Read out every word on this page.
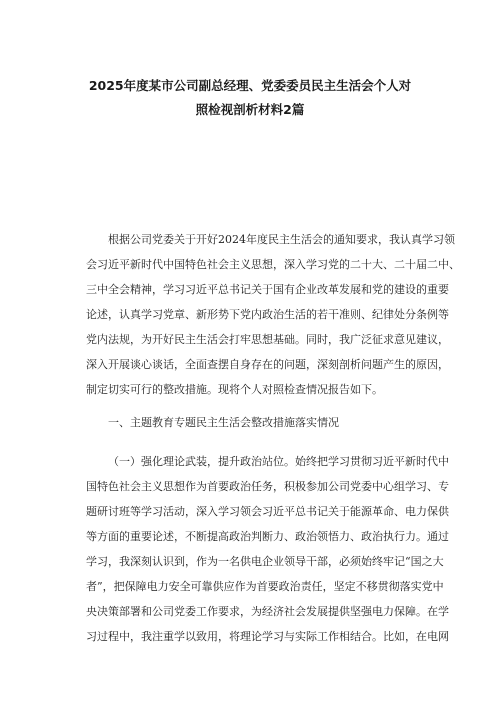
2025年度某市公司副总经理、党委委员民主生活会个人对
照检视剖析材料2篇
根据公司党委关于开好2024年度民主生活会的通知要求，我认真学习领
会习近平新时代中国特色社会主义思想，深入学习党的二十大、二十届二中、
三中全会精神，学习习近平总书记关于国有企业改革发展和党的建设的重要
论述，认真学习党章、新形势下党内政治生活的若干准则、纪律处分条例等
党内法规，为开好民主生活会打牢思想基础。同时，我广泛征求意见建议，
深入开展谈心谈话，全面查摆自身存在的问题，深刻剖析问题产生的原因，
制定切实可行的整改措施。现将个人对照检查情况报告如下。
一、主题教育专题民主生活会整改措施落实情况
（一）强化理论武装，提升政治站位。始终把学习贯彻习近平新时代中
国特色社会主义思想作为首要政治任务，积极参加公司党委中心组学习、专
题研讨班等学习活动，深入学习领会习近平总书记关于能源革命、电力保供
等方面的重要论述，不断提高政治判断力、政治领悟力、政治执行力。通过
学习，我深刻认识到，作为一名供电企业领导干部，必须始终牢记“国之大
者”，把保障电力安全可靠供应作为首要政治责任，坚定不移贯彻落实党中
央决策部署和公司党委工作要求，为经济社会发展提供坚强电力保障。在学
习过程中，我注重学以致用，将理论学习与实际工作相结合。比如，在电网
